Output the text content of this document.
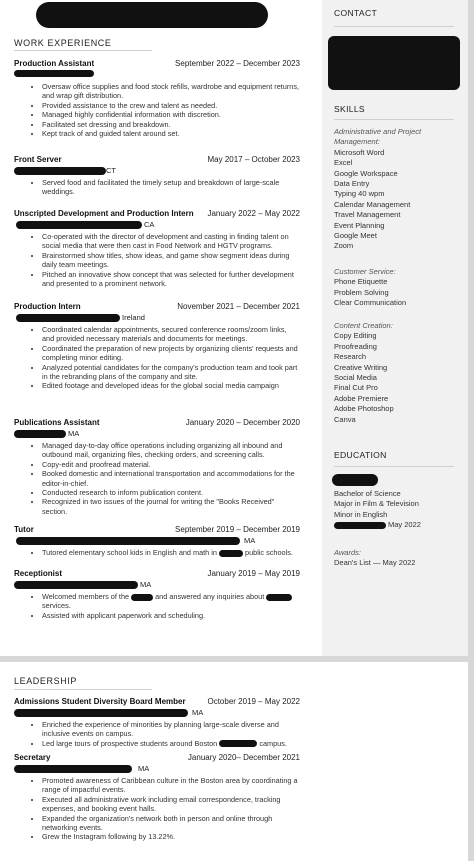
WORK EXPERIENCE
Production Assistant	September 2022 – December 2023
• Oversaw office supplies and food stock refills, wardrobe and equipment returns, and wrap gift distribution.
• Provided assistance to the crew and talent as needed.
• Managed highly confidential information with discretion.
• Facilitated set dressing and breakdown.
• Kept track of and guided talent around set.
Front Server	May 2017 – October 2023
CT
• Served food and facilitated the timely setup and breakdown of large-scale weddings.
Unscripted Development and Production Intern	January 2022 – May 2022
CA
• Co-operated with the director of development and casting in finding talent on social media that were then cast in Food Network and HGTV programs.
• Brainstormed show titles, show ideas, and game show segment ideas during daily team meetings.
• Pitched an innovative show concept that was selected for further development and presented to a prominent network.
Production Intern	November 2021 – December 2021
Ireland
• Coordinated calendar appointments, secured conference rooms/zoom links, and provided necessary materials and documents for meetings.
• Coordinated the preparation of new projects by organizing clients' requests and completing minor editing.
• Analyzed potential candidates for the company's production team and took part in the rebranding plans of the company and site.
• Edited footage and developed ideas for the global social media campaign
Publications Assistant	January 2020 – December 2020
MA
• Managed day-to-day office operations including organizing all inbound and outbound mail, organizing files, checking orders, and screening calls.
• Copy-edit and proofread material.
• Booked domestic and international transportation and accommodations for the editor-in-chief.
• Conducted research to inform publication content.
• Recognized in two issues of the journal for writing the "Books Received" section.
Tutor	September 2019 – December 2019
MA
• Tutored elementary school kids in English and math in	public schools.
Receptionist	January 2019 – May 2019
MA
• Welcomed members of the	and answered any inquiries about  services.
• Assisted with applicant paperwork and scheduling.
CONTACT
SKILLS
Administrative and Project Management:
Microsoft Word
Excel
Google Workspace
Data Entry
Typing 40 wpm
Calendar Management
Travel Management
Event Planning
Google Meet
Zoom
Customer Service:
Phone Etiquette
Problem Solving
Clear Communication
Content Creation:
Copy Editing
Proofreading
Research
Creative Writing
Social Media
Final Cut Pro
Adobe Premiere
Adobe Photoshop
Canva
EDUCATION
Bachelor of Science
Major in Film & Television
Minor in English
May 2022
Awards:
Dean's List — May 2022
LEADERSHIP
Admissions Student Diversity Board Member	October 2019 – May 2022
MA
• Enriched the experience of minorities by planning large-scale diverse and inclusive events on campus.
• Led large tours of prospective students around Boston	campus.
Secretary	January 2020– December 2021
MA
• Promoted awareness of Caribbean culture in the Boston area by coordinating a range of impactful events.
• Executed all administrative work including email correspondence, tracking expenses, and booking event halls.
• Expanded the organization's network both in person and online through networking events.
• Grew the Instagram following by 13.22%.
